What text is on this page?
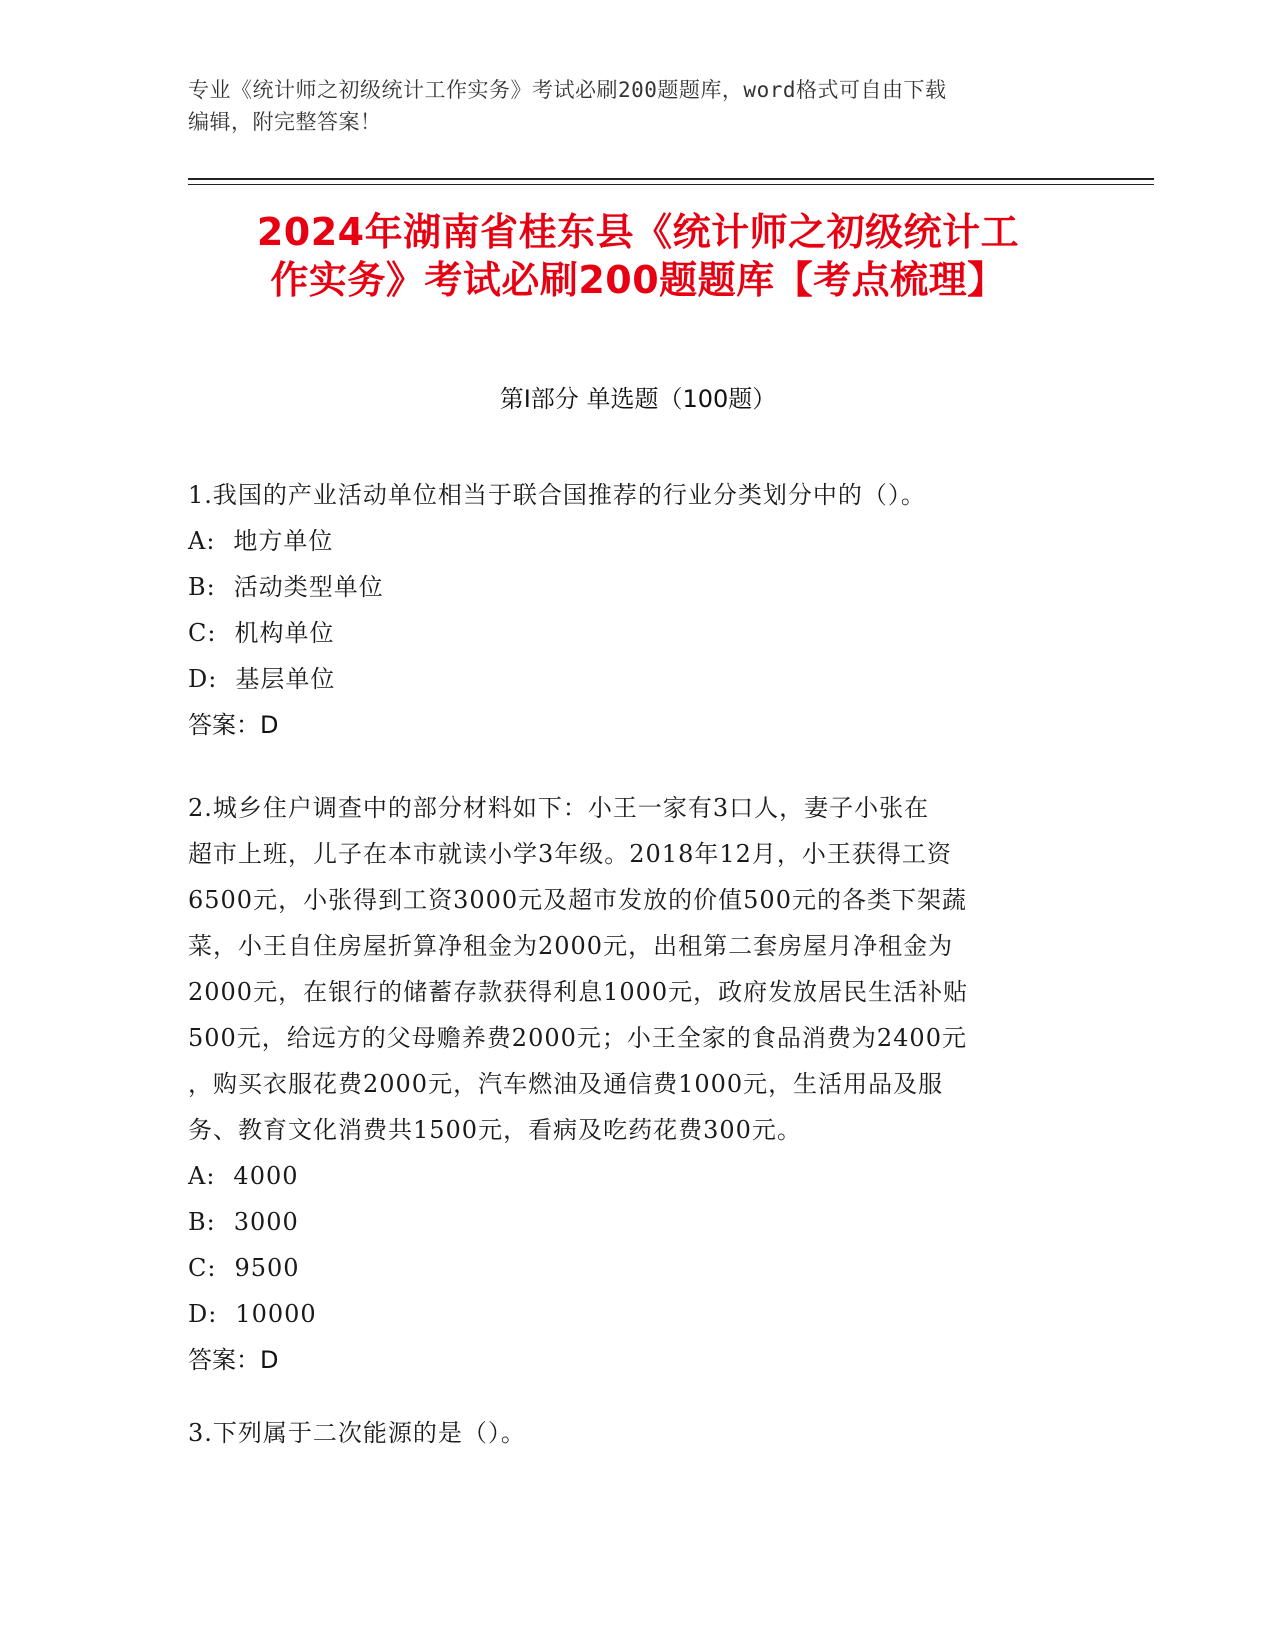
专业《统计师之初级统计工作实务》考试必刷200题题库，word格式可自由下载
编辑，附完整答案！
2024年湖南省桂东县《统计师之初级统计工
作实务》考试必刷200题题库【考点梳理】
第Ⅰ部分 单选题（100题）

1.我国的产业活动单位相当于联合国推荐的行业分类划分中的（）。

A: 地方单位

B: 活动类型单位

C: 机构单位

D: 基层单位

答案：D

2.城乡住户调查中的部分材料如下：小王一家有3口人，妻子小张在

超市上班，儿子在本市就读小学3年级。2018年12月，小王获得工资

6500元，小张得到工资3000元及超市发放的价值500元的各类下架蔬

菜，小王自住房屋折算净租金为2000元，出租第二套房屋月净租金为

2000元，在银行的储蓄存款获得利息1000元，政府发放居民生活补贴

500元，给远方的父母赡养费2000元；小王全家的食品消费为2400元

，购买衣服花费2000元，汽车燃油及通信费1000元，生活用品及服

务、教育文化消费共1500元，看病及吃药花费300元。

A: 4000

B: 3000

C: 9500

D: 10000

答案：D

3.下列属于二次能源的是（）。
